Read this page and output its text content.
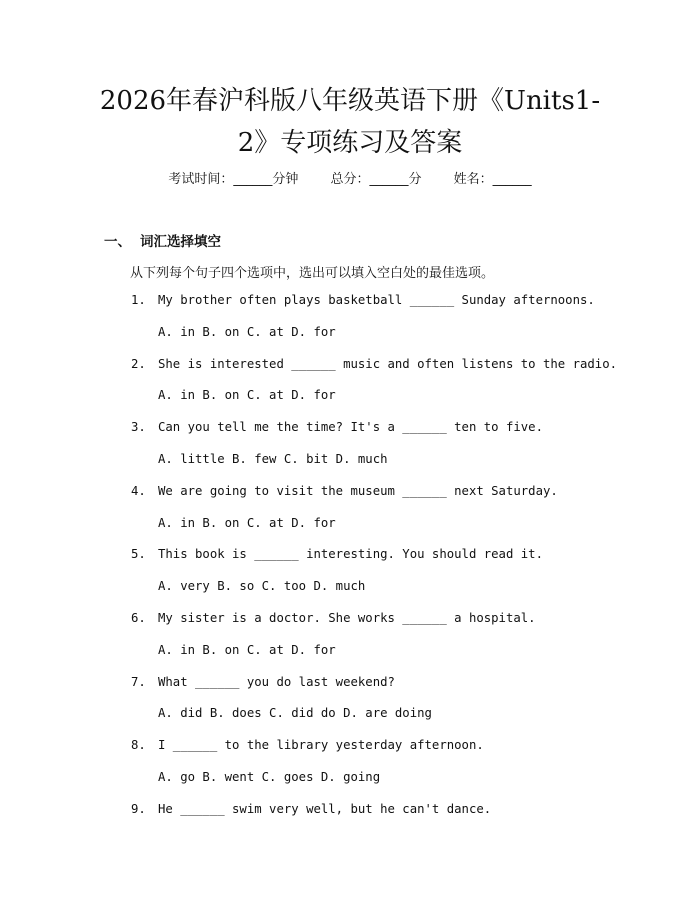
2026年春沪科版八年级英语下册《Units1-
2》专项练习及答案
考试时间：______分钟 总分：______分 姓名：______
一、 词汇选择填空
从下列每个句子四个选项中，选出可以填入空白处的最佳选项。
1. My brother often plays basketball ______ Sunday afternoons.
A. in B. on C. at D. for
2. She is interested ______ music and often listens to the radio.
A. in B. on C. at D. for
3. Can you tell me the time? It's a ______ ten to five.
A. little B. few C. bit D. much
4. We are going to visit the museum ______ next Saturday.
A. in B. on C. at D. for
5. This book is ______ interesting. You should read it.
A. very B. so C. too D. much
6. My sister is a doctor. She works ______ a hospital.
A. in B. on C. at D. for
7. What ______ you do last weekend?
A. did B. does C. did do D. are doing
8. I ______ to the library yesterday afternoon.
A. go B. went C. goes D. going
9. He ______ swim very well, but he can't dance.
